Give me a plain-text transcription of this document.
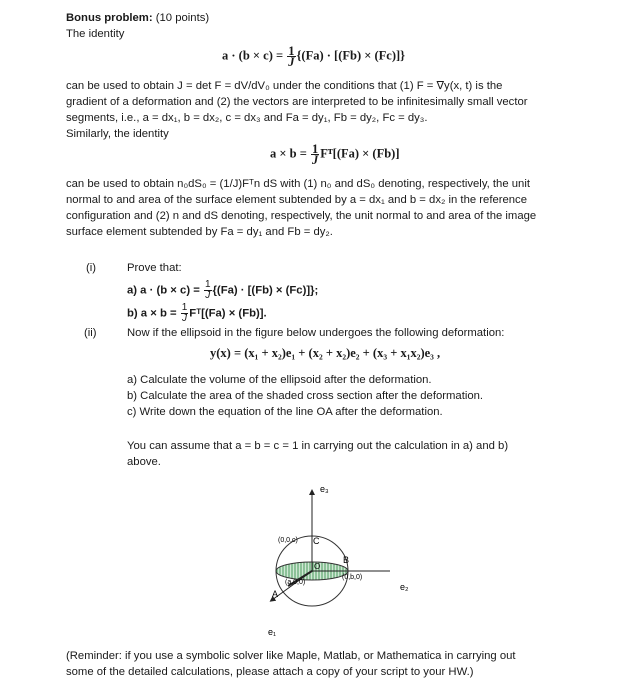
Bonus problem: (10 points)
The identity
$a \cdot (b \times c) = \frac{1}{J} \{(Fa) \cdot [(Fb) \times (Fc)]\}$
can be used to obtain J = det F = dV/dV₀ under the conditions that (1) F = ∇y(x, t) is the
gradient of a deformation and (2) the vectors are interpreted to be infinitesimally small vector
segments, i.e., a = dx₁, b = dx₂, c = dx₃ and Fa = dy₁, Fb = dy₂, Fc = dy₃.
Similarly, the identity
$a \times b = \frac{1}{J}$ Fᵀ[(Fa) × (Fb)]
can be used to obtain n₀dS₀ = (1/J)Fᵀn dS with (1) n₀ and dS₀ denoting, respectively, the unit
normal to and area of the surface element subtended by a = dx₁ and b = dx₂ in the reference
configuration and (2) n and dS denoting, respectively, the unit normal to and area of the image
surface element subtended by Fa = dy₁ and Fb = dy₂.
(i)	Prove that:
a) $a \cdot (b \times c) = \frac{1}{J} \{(Fa) \cdot [(Fb) \times (Fc)]\}$;
b) $a \times b = \frac{1}{J}$ Fᵀ[(Fa) × (Fb)].
(ii)	Now if the ellipsoid in the figure below undergoes the following deformation:
y(x) = (x₁ + x₂)e₁ + (x₂ + x₂)e₂ + (x₃ + x₁x₂)e₃ ,
a) Calculate the volume of the ellipsoid after the deformation.
b) Calculate the area of the shaded cross section after the deformation.
c) Write down the equation of the line OA after the deformation.
You can assume that a = b = c = 1 in carrying out the calculation in a) and b)
above.
e₃
e₂
e₁
(0,0,c) C
B
(0,b,0)
(a,0,0)
A
O
(Reminder: if you use a symbolic solver like Maple, Matlab, or Mathematica in carrying out
some of the detailed calculations, please attach a copy of your script to your HW.)
